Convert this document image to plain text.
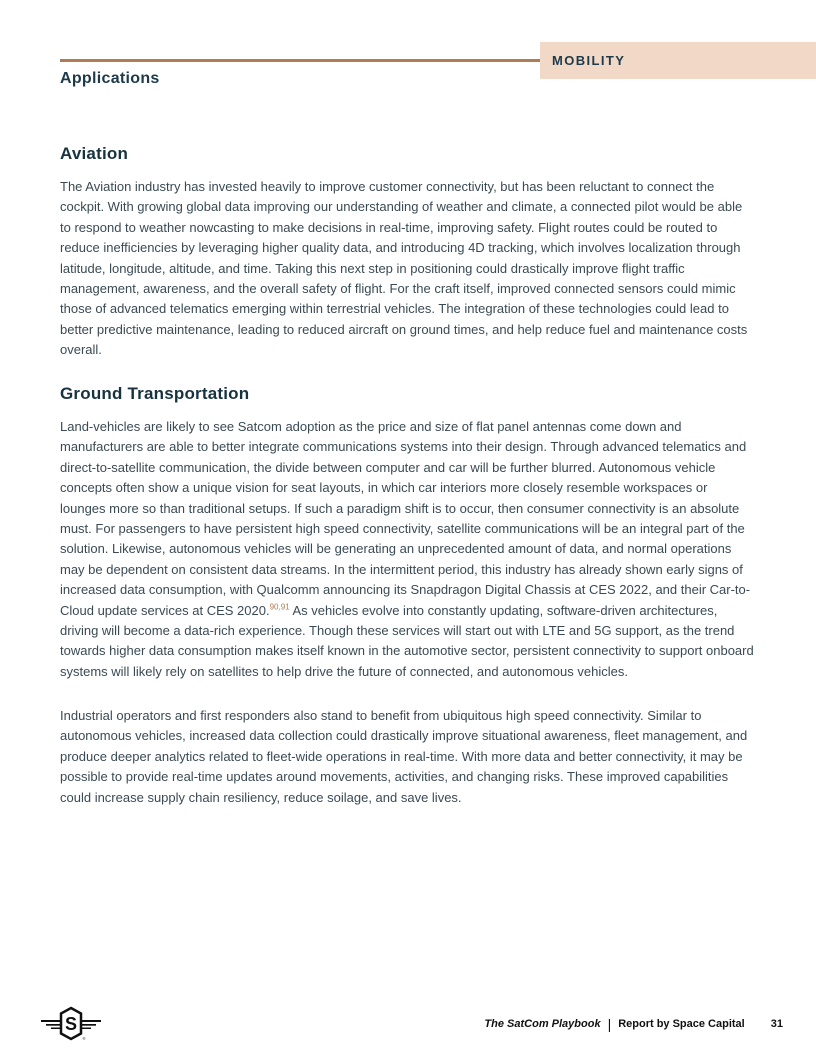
MOBILITY
Applications
Aviation

The Aviation industry has invested heavily to improve customer connectivity, but has been reluctant to connect the cockpit. With growing global data improving our understanding of weather and climate, a connected pilot would be able to respond to weather nowcasting to make decisions in real-time, improving safety. Flight routes could be routed to reduce inefficiencies by leveraging higher quality data, and introducing 4D tracking, which involves localization through latitude, longitude, altitude, and time. Taking this next step in positioning could drastically improve flight traffic management, awareness, and the overall safety of flight. For the craft itself, improved connected sensors could mimic those of advanced telematics emerging within terrestrial vehicles. The integration of these technologies could lead to better predictive maintenance, leading to reduced aircraft on ground times, and help reduce fuel and maintenance costs overall.

Ground Transportation

Land-vehicles are likely to see Satcom adoption as the price and size of flat panel antennas come down and manufacturers are able to better integrate communications systems into their design. Through advanced telematics and direct-to-satellite communication, the divide between computer and car will be further blurred. Autonomous vehicle concepts often show a unique vision for seat layouts, in which car interiors more closely resemble workspaces or lounges more so than traditional setups. If such a paradigm shift is to occur, then consumer connectivity is an absolute must. For passengers to have persistent high speed connectivity, satellite communications will be an integral part of the solution. Likewise, autonomous vehicles will be generating an unprecedented amount of data, and normal operations may be dependent on consistent data streams. In the intermittent period, this industry has already shown early signs of increased data consumption, with Qualcomm announcing its Snapdragon Digital Chassis at CES 2022, and their Car-to-Cloud update services at CES 2020.$^{90,91}$ As vehicles evolve into constantly updating, software-driven architectures, driving will become a data-rich experience. Though these services will start out with LTE and 5G support, as the trend towards higher data consumption makes itself known in the automotive sector, persistent connectivity to support onboard systems will likely rely on satellites to help drive the future of connected, and autonomous vehicles.

Industrial operators and first responders also stand to benefit from ubiquitous high speed connectivity. Similar to autonomous vehicles, increased data collection could drastically improve situational awareness, fleet management, and produce deeper analytics related to fleet-wide operations in real-time. With more data and better connectivity, it may be possible to provide real-time updates around movements, activities, and changing risks. These improved capabilities could increase supply chain resiliency, reduce soilage, and save lives.

S
®
The SatCom Playbook | Report by Space Capital 31
